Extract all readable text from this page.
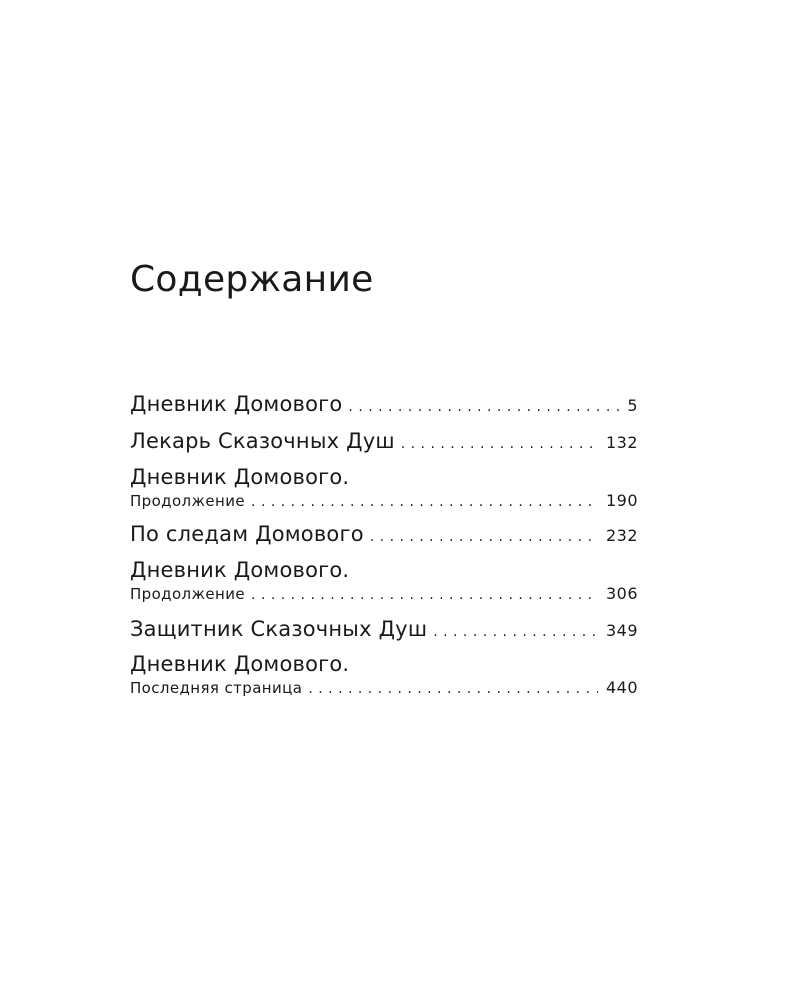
Содержание
Дневник Домового . . .	5
Лекарь Сказочных Душ . . .	132
Дневник Домового.
Продолжение . . .	190
По следам Домового . . .	232
Дневник Домового.
Продолжение . . .	306
Защитник Сказочных Душ . . .	349
Дневник Домового.
Последняя страница . . .	440
